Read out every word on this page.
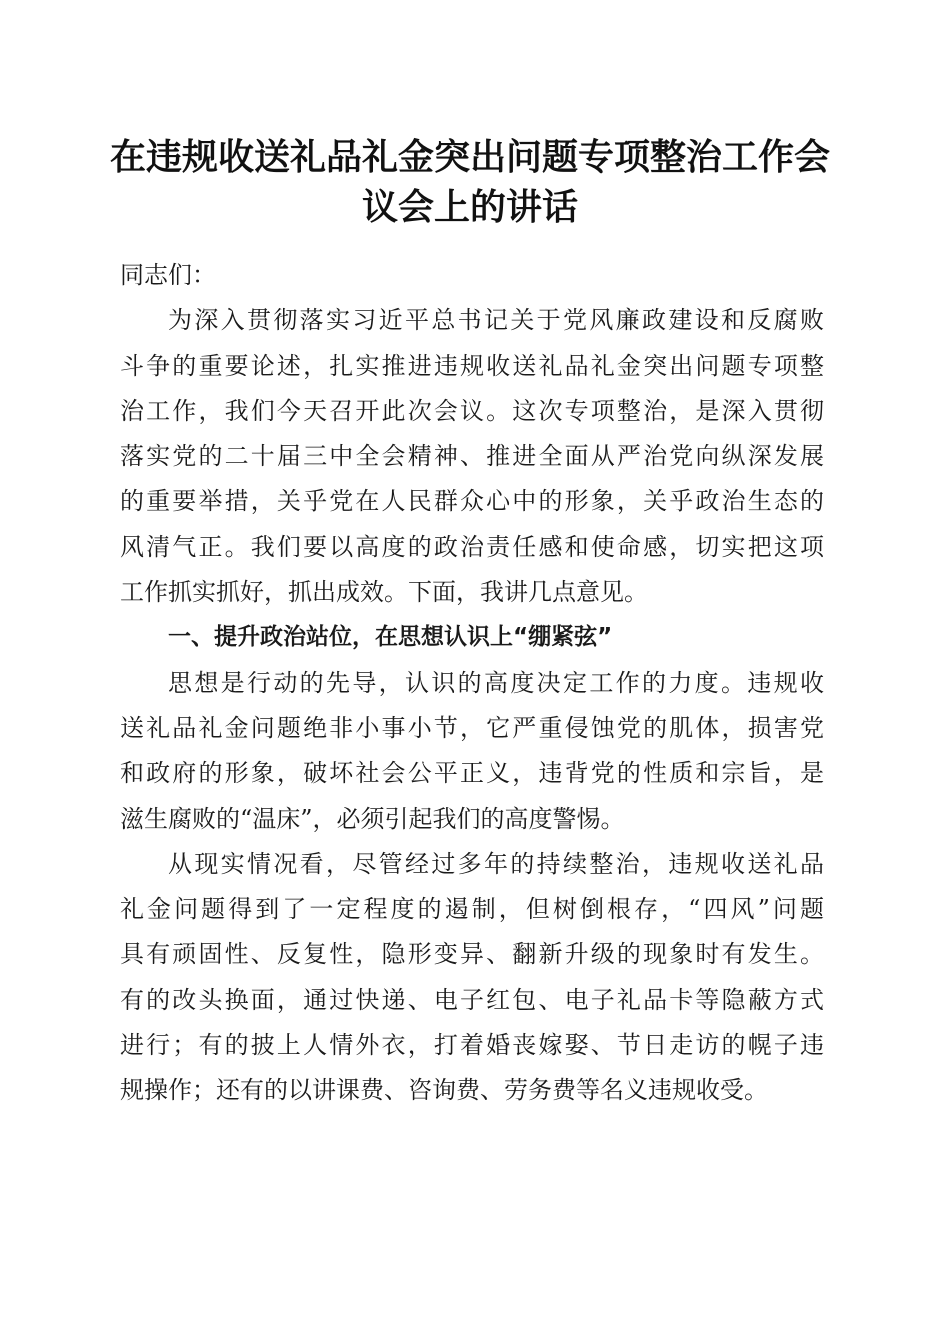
在违规收送礼品礼金突出问题专项整治工作会
议会上的讲话
同志们：
为深入贯彻落实习近平总书记关于党风廉政建设和反腐败
斗争的重要论述，扎实推进违规收送礼品礼金突出问题专项整
治工作，我们今天召开此次会议。这次专项整治，是深入贯彻
落实党的二十届三中全会精神、推进全面从严治党向纵深发展
的重要举措，关乎党在人民群众心中的形象，关乎政治生态的
风清气正。我们要以高度的政治责任感和使命感，切实把这项
工作抓实抓好，抓出成效。下面，我讲几点意见。
一、提升政治站位，在思想认识上“绷紧弦”
思想是行动的先导，认识的高度决定工作的力度。违规收
送礼品礼金问题绝非小事小节，它严重侵蚀党的肌体，损害党
和政府的形象，破坏社会公平正义，违背党的性质和宗旨，是
滋生腐败的“温床”，必须引起我们的高度警惕。
从现实情况看，尽管经过多年的持续整治，违规收送礼品
礼金问题得到了一定程度的遏制，但树倒根存，“四风”问题
具有顽固性、反复性，隐形变异、翻新升级的现象时有发生。
有的改头换面，通过快递、电子红包、电子礼品卡等隐蔽方式
进行；有的披上人情外衣，打着婚丧嫁娶、节日走访的幌子违
规操作；还有的以讲课费、咨询费、劳务费等名义违规收受。
